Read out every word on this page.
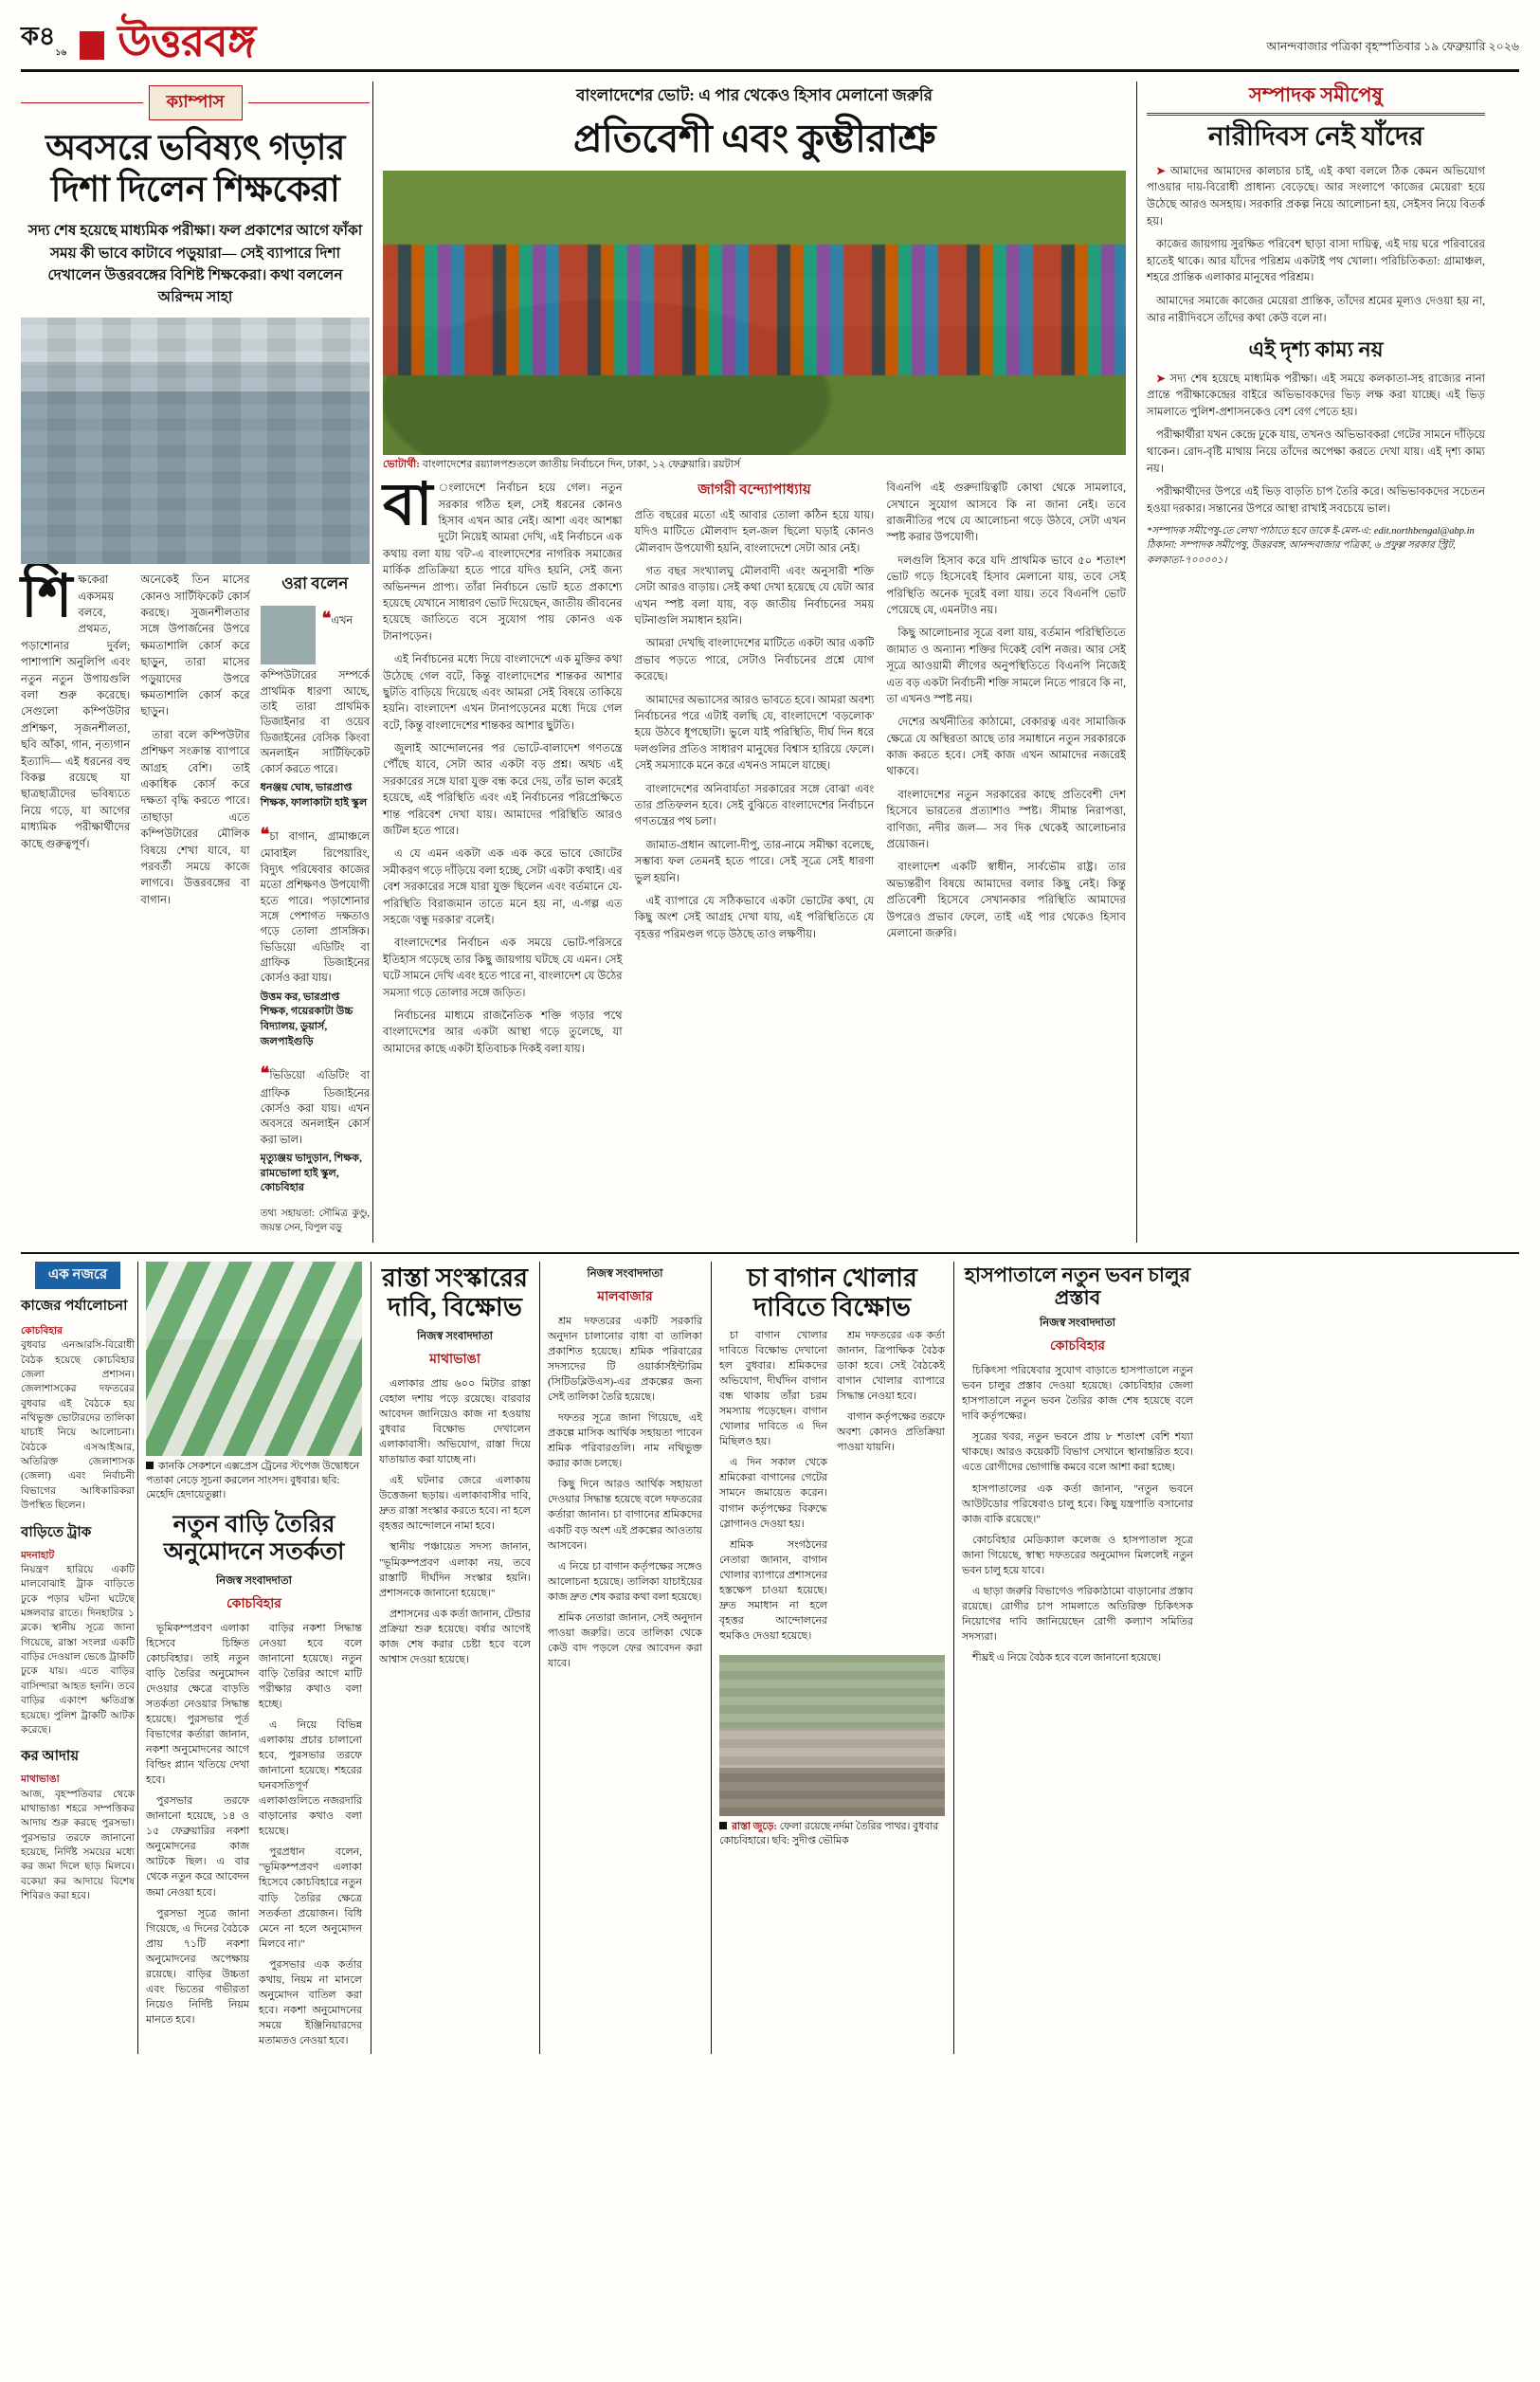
ক৪১৬ উত্তরবঙ্গ	আনন্দবাজার পত্রিকা বৃহস্পতিবার ১৯ ফেব্রুয়ারি ২০২৬
ক্যাম্পাস
অবসরে ভবিষ্যৎ গড়ার দিশা দিলেন শিক্ষকেরা
সদ্য শেষ হয়েছে মাধ্যমিক পরীক্ষা। ফল প্রকাশের আগে ফাঁকা সময় কী ভাবে কাটাবে পড়ুয়ারা— সেই ব্যাপারে দিশা দেখালেন উত্তরবঙ্গের বিশিষ্ট শিক্ষকেরা। কথা বললেন অরিন্দম সাহা

শিক্ষকেরা একসময় বলবে, প্রথমত, পড়াশোনার দুর্বল; পাশাপাশি অনুলিপি এবং নতুন নতুন উপায়গুলি বলা শুরু করেছে। সেগুলো কম্পিউটার প্রশিক্ষণ, সৃজনশীলতা, ছবি আঁকা, গান, নৃত্যগান ইত্যাদি— এই ধরনের বহু বিকল্প রয়েছে যা ছাত্রছাত্রীদের ভবিষ্যতে নিয়ে গড়ে, যা আগের মাধ্যমিক পরীক্ষার্থীদের কাছে গুরুত্বপূর্ণ।

অনেকেই তিন মাসের কোনও সার্টিফিকেট কোর্স করছে। সুজনশীলতার সঙ্গে উপার্জনের উপরে ক্ষমতাশালি কোর্স করে ছাড়ুন, তারা মাসের পড়ুয়াদের উপরে ক্ষমতাশালি কোর্স করে ছাড়ুন।

তারা বলে কম্পিউটার প্রশিক্ষণ সংক্রান্ত ব্যাপারে আগ্রহ বেশি। তাই একাধিক কোর্স করে দক্ষতা বৃদ্ধি করতে পারে। তাছাড়া এতে কম্পিউটারের মৌলিক বিষয়ে শেখা যাবে, যা পরবর্তী সময়ে কাজে লাগবে। উত্তরবঙ্গের বা বাগান।

ওরা বলেন
❝এখন কম্পিউটারের সম্পর্কে প্রাথমিক ধারণা আছে, তাই তারা প্রাথমিক ডিজাইনার বা ওয়েব ডিজাইনের বেসিক কিংবা অনলাইন সার্টিফিকেট কোর্স করতে পারে।
ধনঞ্জয় ঘোষ, ভারপ্রাপ্ত শিক্ষক, ফালাকাটা হাই স্কুল
❝চা বাগান, গ্রামাঞ্চলে মোবাইল রিপেয়ারিং, বিদ্যুৎ পরিষেবার কাজের মতো প্রশিক্ষণও উপযোগী হতে পারে। পড়াশোনার সঙ্গে পেশাগত দক্ষতাও গড়ে তোলা প্রাসঙ্গিক। ভিডিয়ো এডিটিং বা গ্রাফিক ডিজাইনের কোর্সও করা যায়।
উত্তম কর, ভারপ্রাপ্ত শিক্ষক, গয়েরকাটা উচ্চ বিদ্যালয়, ডুয়ার্স, জলপাইগুড়ি
❝ভিডিয়ো এডিটিং বা গ্রাফিক ডিজাইনের কোর্সও করা যায়। এখন অবসরে অনলাইন কোর্স করা ভাল।
মৃত্যুঞ্জয় ভাদুড়ান, শিক্ষক, রামভোলা হাই স্কুল, কোচবিহার
তথ্য সহায়তা: সৌমিত্র কুণ্ডু, জয়ন্ত সেন, বিপুল বড়ু

বাংলাদেশের ভোট: এ পার থেকেও হিসাব মেলানো জরুরি
প্রতিবেশী এবং কুম্ভীরাশ্রু
ভোটার্থী: বাংলাদেশের রয়্যালপশুতলে জাতীয় নির্বাচনে দিন, ঢাকা, ১২ ফেব্রুয়ারি। রয়টার্স

বা ংলাদেশে নির্বাচন হয়ে গেল। নতুন সরকার গঠিত হল, সেই ধরনের কোনও হিসাব এখন আর নেই। আশা এবং আশঙ্কা দুটো নিয়েই আমরা দেখি, এই নির্বাচনে এক কথায় বলা যায় 'বট'-এ বাংলাদেশের নাগরিক সমাজের মার্কিক প্রতিক্রিয়া হতে পারে যদিও হয়নি, সেই জন্য অভিনন্দন প্রাপ্য। তাঁরা নির্বাচনে ভোট হতে প্রকাশ্যে হয়েছে যেখানে সাধারণ ভোট দিয়েছেন, জাতীয় জীবনের হয়েছে জাতিতে বসে সুযোগ পায় কোনও এক টানাপড়েন।

এই নির্বাচনের মধ্যে দিয়ে বাংলাদেশে এক মুক্তির কথা উঠেছে গেল বটে, কিন্তু বাংলাদেশের শান্তকর আশার ছুটতি বাড়িয়ে দিয়েছে এবং আমরা সেই বিষয়ে তাকিয়ে হয়নি। বাংলাদেশ এখন টানাপড়েনের মধ্যে দিয়ে গেল বটে, কিন্তু বাংলাদেশের শান্তকর আশার ছুটতি।

জুলাই আন্দোলনের পর ভোটে-বালাদেশ গণতন্ত্রে পৌঁছে যাবে, সেটা আর একটা বড় প্রশ্ন। অথচ এই সরকারের সঙ্গে যারা যুক্ত বন্ধ করে দেয়, তাঁর ভাল করেই হয়েছে, এই পরিস্থিতি এবং এই নির্বাচনের পরিপ্রেক্ষিতে শান্ত পরিবেশ দেখা যায়। আমাদের পরিস্থিতি আরও জটিল হতে পারে।

এ যে এমন একটা এক এক করে ভাবে জোটের সমীকরণ গড়ে দাঁড়িয়ে বলা হচ্ছে, সেটা একটা কথাই। এর বেশ সরকারের সঙ্গে যারা যুক্ত ছিলেন এবং বর্তমানে যে-পরিস্থিতি বিরাজমান তাতে মনে হয় না, এ-গল্প এত সহজে 'বন্ধু দরকার' বলেই।

বাংলাদেশের নির্বাচন এক সময়ে ভোট-পরিসরে ইতিহাস গড়েছে তার কিছু জায়গায় ঘটছে যে এমন। সেই ঘটে সামনে দেখি এবং হতে পারে না, বাংলাদেশ যে উঠের সমস্যা গড়ে তোলার সঙ্গে জড়িত।

নির্বাচনের মাধ্যমে রাজনৈতিক শক্তি গড়ার পথে বাংলাদেশের আর একটা আস্থা গড়ে তুলেছে, যা আমাদের কাছে একটা ইতিবাচক দিকই বলা যায়।

জাগরী বন্দ্যোপাধ্যায়

প্রতি বছরের মতো এই আবার তোলা কঠিন হয়ে যায়। যদিও মাটিতে মৌলবাদ হল-জল ছিলো ঘড়াই কোনও মৌলবাদ উপযোগী হয়নি, বাংলাদেশে সেটা আর নেই।

গত বছর সংখ্যালঘু মৌলবাদী এবং অনুসারী শক্তি সেটা আরও বাড়ায়। সেই কথা দেখা হয়েছে যে যেটা আর এখন স্পষ্ট বলা যায়, বড় জাতীয় নির্বাচনের সময় ঘটনাগুলি সমাধান হয়নি।

আমরা দেখছি বাংলাদেশের মাটিতে একটা আর একটি প্রভাব পড়তে পারে, সেটাও নির্বাচনের প্রশ্নে যোগ করেছে।

আমাদের অভ্যাসের আরও ভাবতে হবে। আমরা অবশ্য নির্বাচনের পরে এটাই বলছি যে, বাংলাদেশে 'বড়লোক' হয়ে উঠবে ধূপছোটা। ভুলে যাই পরিস্থিতি, দীর্ঘ দিন ধরে দলগুলির প্রতিও সাধারণ মানুষের বিশ্বাস হারিয়ে ফেলে। সেই সমস্যাকে মনে করে এখনও সামলে যাচ্ছে।

বাংলাদেশের অনিবার্যতা সরকারের সঙ্গে বোঝা এবং তার প্রতিফলন হবে। সেই বুঝিতে বাংলাদেশের নির্বাচনে গণতন্ত্রের পথ চলা।

জামাত-প্রধান আলো-দীপু, তার-নামে সমীক্ষা বলেছে, সম্ভাব্য ফল তেমনই হতে পারে। সেই সূত্রে সেই ধারণা ভুল হয়নি।

এই ব্যাপারে যে সঠিকভাবে একটা ভোটের কথা, যে কিছু অংশ সেই আগ্রহ দেখা যায়, এই পরিস্থিতিতে যে বৃহত্তর পরিমণ্ডল গড়ে উঠছে তাও লক্ষণীয়।

বিএনপি এই গুরুদায়িত্বটি কোথা থেকে সামলাবে, সেখানে সুযোগ আসবে কি না জানা নেই। তবে রাজনীতির পথে যে আলোচনা গড়ে উঠবে, সেটা এখন স্পষ্ট করার উপযোগী।

দলগুলি হিসাব করে যদি প্রাথমিক ভাবে ৫০ শতাংশ ভোট গড়ে হিসেবেই হিসাব মেলানো যায়, তবে সেই পরিস্থিতি অনেক দূরেই বলা যায়। তবে বিএনপি ভোট পেয়েছে যে, এমনটাও নয়।

কিছু আলোচনার সূত্রে বলা যায়, বর্তমান পরিস্থিতিতে জামাত ও অন্যান্য শক্তির দিকেই বেশি নজর। আর সেই সূত্রে আওয়ামী লীগের অনুপস্থিতিতে বিএনপি নিজেই এত বড় একটা নির্বাচনী শক্তি সামলে নিতে পারবে কি না, তা এখনও স্পষ্ট নয়।

দেশের অর্থনীতির কাঠামো, বেকারত্ব এবং সামাজিক ক্ষেত্রে যে অস্থিরতা আছে তার সমাধানে নতুন সরকারকে কাজ করতে হবে। সেই কাজ এখন আমাদের নজরেই থাকবে।

বাংলাদেশের নতুন সরকারের কাছে প্রতিবেশী দেশ হিসেবে ভারতের প্রত্যাশাও স্পষ্ট। সীমান্ত নিরাপত্তা, বাণিজ্য, নদীর জল— সব দিক থেকেই আলোচনার প্রয়োজন।

বাংলাদেশ একটি স্বাধীন, সার্বভৌম রাষ্ট্র। তার অভ্যন্তরীণ বিষয়ে আমাদের বলার কিছু নেই। কিন্তু প্রতিবেশী হিসেবে সেখানকার পরিস্থিতি আমাদের উপরেও প্রভাব ফেলে, তাই এই পার থেকেও হিসাব মেলানো জরুরি।

সম্পাদক সমীপেষু
নারীদিবস নেই যাঁদের

➤ আমাদের আমাদের কালচার চাই, এই কথা বললে ঠিক কেমন অভিযোগ পাওয়ার দায়-বিরোধী প্রাধান্য বেড়েছে। আর সংলাপে 'কাজের মেয়েরা' হয়ে উঠেছে আরও অসহায়। সরকারি প্রকল্প নিয়ে আলোচনা হয়, সেইসব নিয়ে বিতর্ক হয়।

কাজের জায়গায় সুরক্ষিত পরিবেশ ছাড়া বাসা দায়িত্ব, এই দায় ঘরে পরিবারের হাতেই থাকে। আর যাঁদের পরিশ্রম একটাই পথ খোলা। পরিচিতিকতা: গ্রামাঞ্চল, শহরে প্রান্তিক এলাকার মানুষের পরিশ্রম।

আমাদের সমাজে কাজের মেয়েরা প্রান্তিক, তাঁদের শ্রমের মূল্যও দেওয়া হয় না, আর নারীদিবসে তাঁদের কথা কেউ বলে না।

এই দৃশ্য কাম্য নয়

➤ সদ্য শেষ হয়েছে মাধ্যমিক পরীক্ষা। এই সময়ে কলকাতা-সহ রাজ্যের নানা প্রান্তে পরীক্ষাকেন্দ্রের বাইরে অভিভাবকদের ভিড় লক্ষ করা যাচ্ছে। এই ভিড় সামলাতে পুলিশ-প্রশাসনকেও বেশ বেগ পেতে হয়।

পরীক্ষার্থীরা যখন কেন্দ্রে ঢুকে যায়, তখনও অভিভাবকরা গেটের সামনে দাঁড়িয়ে থাকেন। রোদ-বৃষ্টি মাথায় নিয়ে তাঁদের অপেক্ষা করতে দেখা যায়। এই দৃশ্য কাম্য নয়।

পরীক্ষার্থীদের উপরে এই ভিড় বাড়তি চাপ তৈরি করে। অভিভাবকদের সচেতন হওয়া দরকার। সন্তানের উপরে আস্থা রাখাই সবচেয়ে ভাল।

*সম্পাদক সমীপেষু-তে লেখা পাঠাতে হবে ডাকে ই-মেল-এ: edit.northbengal@abp.in ঠিকানা: সম্পাদক সমীপেষু, উত্তরবঙ্গ, আনন্দবাজার পত্রিকা, ৬ প্রফুল্ল সরকার স্ট্রিট, কলকাতা-৭০০০০১।
এক নজরে
কাজের পর্যালোচনা
কোচবিহার
বুধবার এনআরসি-বিরোধী বৈঠক হয়েছে কোচবিহার জেলা প্রশাসন। জেলাশাসকের দফতরের বুধবার এই বৈঠকে হয় নথিভুক্ত ভোটারদের তালিকা যাচাই নিয়ে আলোচনা। বৈঠকে এসআইআর, অতিরিক্ত জেলাশাসক (জেলা) এবং নির্বাচনী বিভাগের আধিকারিকরা উপস্থিত ছিলেন।
বাড়িতে ট্রাক
মদনাহাট
নিয়ন্ত্রণ হারিয়ে একটি মালবোঝাই ট্রাক বাড়িতে ঢুকে পড়ার ঘটনা ঘটেছে মঙ্গলবার রাতে। দিনহাটার ১ ব্লকে। স্থানীয় সূত্রে জানা গিয়েছে, রাস্তা সংলগ্ন একটি বাড়ির দেওয়াল ভেঙে ট্রাকটি ঢুকে যায়। এতে বাড়ির বাসিন্দারা আহত হননি। তবে বাড়ির একাংশ ক্ষতিগ্রস্ত হয়েছে। পুলিশ ট্রাকটি আটক করেছে।
কর আদায়
মাথাভাঙা
আজ, বৃহস্পতিবার থেকে মাথাভাঙা শহরে সম্পত্তিকর আদায় শুরু করছে পুরসভা। পুরসভার তরফে জানানো হয়েছে, নির্দিষ্ট সময়ের মধ্যে কর জমা দিলে ছাড় মিলবে। বকেয়া কর আদায়ে বিশেষ শিবিরও করা হবে।
কানকি সেকশনে এক্সপ্রেস ট্রেনের স্টপেজ উদ্বোধনে পতাকা নেড়ে সূচনা করলেন সাংসদ। বুধবার। ছবি: মেহেদি হেদায়েতুল্লা।
নতুন বাড়ি তৈরির অনুমোদনে সতর্কতা
নিজস্ব সংবাদদাতা
কোচবিহার

ভূমিকম্পপ্রবণ এলাকা হিসেবে চিহ্নিত কোচবিহার। তাই নতুন বাড়ি তৈরির অনুমোদন দেওয়ার ক্ষেত্রে বাড়তি সতর্কতা নেওয়ার সিদ্ধান্ত হয়েছে। পুরসভার পূর্ত বিভাগের কর্তারা জানান, নকশা অনুমোদনের আগে বিল্ডিং প্ল্যান খতিয়ে দেখা হবে।

পুরসভার তরফে জানানো হয়েছে, ১৪ ও ১৫ ফেব্রুয়ারির নকশা অনুমোদনের কাজ আটকে ছিল। এ বার থেকে নতুন করে আবেদন জমা নেওয়া হবে।

পুরসভা সূত্রে জানা গিয়েছে, এ দিনের বৈঠকে প্রায় ৭১টি নকশা অনুমোদনের অপেক্ষায় রয়েছে। বাড়ির উচ্চতা এবং ভিতের গভীরতা নিয়েও নির্দিষ্ট নিয়ম মানতে হবে।

বাড়ির নকশা সিদ্ধান্ত নেওয়া হবে বলে জানানো হয়েছে। নতুন বাড়ি তৈরির আগে মাটি পরীক্ষার কথাও বলা হচ্ছে।

এ নিয়ে বিভিন্ন এলাকায় প্রচার চালানো হবে, পুরসভার তরফে জানানো হয়েছে। শহরের ঘনবসতিপূর্ণ এলাকাগুলিতে নজরদারি বাড়ানোর কথাও বলা হয়েছে।

পুরপ্রধান বলেন, "ভূমিকম্পপ্রবণ এলাকা হিসেবে কোচবিহারে নতুন বাড়ি তৈরির ক্ষেত্রে সতর্কতা প্রয়োজন। বিধি মেনে না হলে অনুমোদন মিলবে না।"

পুরসভার এক কর্তার কথায়, নিয়ম না মানলে অনুমোদন বাতিল করা হবে। নকশা অনুমোদনের সময়ে ইঞ্জিনিয়ারদের মতামতও নেওয়া হবে।

রাস্তা সংস্কারের দাবি, বিক্ষোভ
নিজস্ব সংবাদদাতা
মাথাভাঙা

এলাকার প্রায় ৬০০ মিটার রাস্তা বেহাল দশায় পড়ে রয়েছে। বারবার আবেদন জানিয়েও কাজ না হওয়ায় বুধবার বিক্ষোভ দেখালেন এলাকাবাসী। অভিযোগ, রাস্তা দিয়ে যাতায়াত করা যাচ্ছে না।

এই ঘটনার জেরে এলাকায় উত্তেজনা ছড়ায়। এলাকাবাসীর দাবি, দ্রুত রাস্তা সংস্কার করতে হবে। না হলে বৃহত্তর আন্দোলনে নামা হবে।

স্থানীয় পঞ্চায়েত সদস্য জানান, "ভূমিকম্পপ্রবণ এলাকা নয়, তবে রাস্তাটি দীর্ঘদিন সংস্কার হয়নি। প্রশাসনকে জানানো হয়েছে।"

প্রশাসনের এক কর্তা জানান, টেন্ডার প্রক্রিয়া শুরু হয়েছে। বর্ষার আগেই কাজ শেষ করার চেষ্টা হবে বলে আশ্বাস দেওয়া হয়েছে।

নিজস্ব সংবাদদাতা
মালবাজার

শ্রম দফতরের একটি সরকারি অনুদান চালানোর বাধা বা তালিকা প্রকাশিত হয়েছে। শ্রমিক পরিবারের সদস্যদের টি ওয়ার্কার্সইন্টারিম (সিটিডব্লিউএস)-এর প্রকল্পের জন্য সেই তালিকা তৈরি হয়েছে।

দফতর সূত্রে জানা গিয়েছে, এই প্রকল্পে মাসিক আর্থিক সহায়তা পাবেন শ্রমিক পরিবারগুলি। নাম নথিভুক্ত করার কাজ চলছে।

কিছু দিনে আরও আর্থিক সহায়তা দেওয়ার সিদ্ধান্ত হয়েছে বলে দফতরের কর্তারা জানান। চা বাগানের শ্রমিকদের একটি বড় অংশ এই প্রকল্পের আওতায় আসবেন।

এ নিয়ে চা বাগান কর্তৃপক্ষের সঙ্গেও আলোচনা হয়েছে। তালিকা যাচাইয়ের কাজ দ্রুত শেষ করার কথা বলা হয়েছে।

শ্রমিক নেতারা জানান, সেই অনুদান পাওয়া জরুরি। তবে তালিকা থেকে কেউ বাদ পড়লে ফের আবেদন করা যাবে।

চা বাগান খোলার দাবিতে বিক্ষোভ

চা বাগান খোলার দাবিতে বিক্ষোভ দেখানো হল বুধবার। শ্রমিকদের অভিযোগ, দীর্ঘদিন বাগান বন্ধ থাকায় তাঁরা চরম সমস্যায় পড়েছেন। বাগান খোলার দাবিতে এ দিন মিছিলও হয়।

এ দিন সকাল থেকে শ্রমিকেরা বাগানের গেটের সামনে জমায়েত করেন। বাগান কর্তৃপক্ষের বিরুদ্ধে স্লোগানও দেওয়া হয়।

শ্রমিক সংগঠনের নেতারা জানান, বাগান খোলার ব্যাপারে প্রশাসনের হস্তক্ষেপ চাওয়া হয়েছে। দ্রুত সমাধান না হলে বৃহত্তর আন্দোলনের হুমকিও দেওয়া হয়েছে।

শ্রম দফতরের এক কর্তা জানান, ত্রিপাক্ষিক বৈঠক ডাকা হবে। সেই বৈঠকেই বাগান খোলার ব্যাপারে সিদ্ধান্ত নেওয়া হবে।

বাগান কর্তৃপক্ষের তরফে অবশ্য কোনও প্রতিক্রিয়া পাওয়া যায়নি।

রাস্তা জুড়ে: ফেলা রয়েছে নর্দমা তৈরির পাথর। বুধবার কোচবিহারে। ছবি: সুদীপ্ত ভৌমিক
হাসপাতালে নতুন ভবন চালুর প্রস্তাব
নিজস্ব সংবাদদাতা
কোচবিহার

চিকিৎসা পরিষেবার সুযোগ বাড়াতে হাসপাতালে নতুন ভবন চালুর প্রস্তাব দেওয়া হয়েছে। কোচবিহার জেলা হাসপাতালে নতুন ভবন তৈরির কাজ শেষ হয়েছে বলে দাবি কর্তৃপক্ষের।

সূত্রের খবর, নতুন ভবনে প্রায় ৮ শতাংশ বেশি শয্যা থাকছে। আরও কয়েকটি বিভাগ সেখানে স্থানান্তরিত হবে। এতে রোগীদের ভোগান্তি কমবে বলে আশা করা হচ্ছে।

হাসপাতালের এক কর্তা জানান, "নতুন ভবনে আউটডোর পরিষেবাও চালু হবে। কিছু যন্ত্রপাতি বসানোর কাজ বাকি রয়েছে।"

কোচবিহার মেডিক্যাল কলেজ ও হাসপাতাল সূত্রে জানা গিয়েছে, স্বাস্থ্য দফতরের অনুমোদন মিললেই নতুন ভবন চালু হয়ে যাবে।

এ ছাড়া জরুরি বিভাগেও পরিকাঠামো বাড়ানোর প্রস্তাব রয়েছে। রোগীর চাপ সামলাতে অতিরিক্ত চিকিৎসক নিয়োগের দাবি জানিয়েছেন রোগী কল্যাণ সমিতির সদস্যরা।

শীঘ্রই এ নিয়ে বৈঠক হবে বলে জানানো হয়েছে।
